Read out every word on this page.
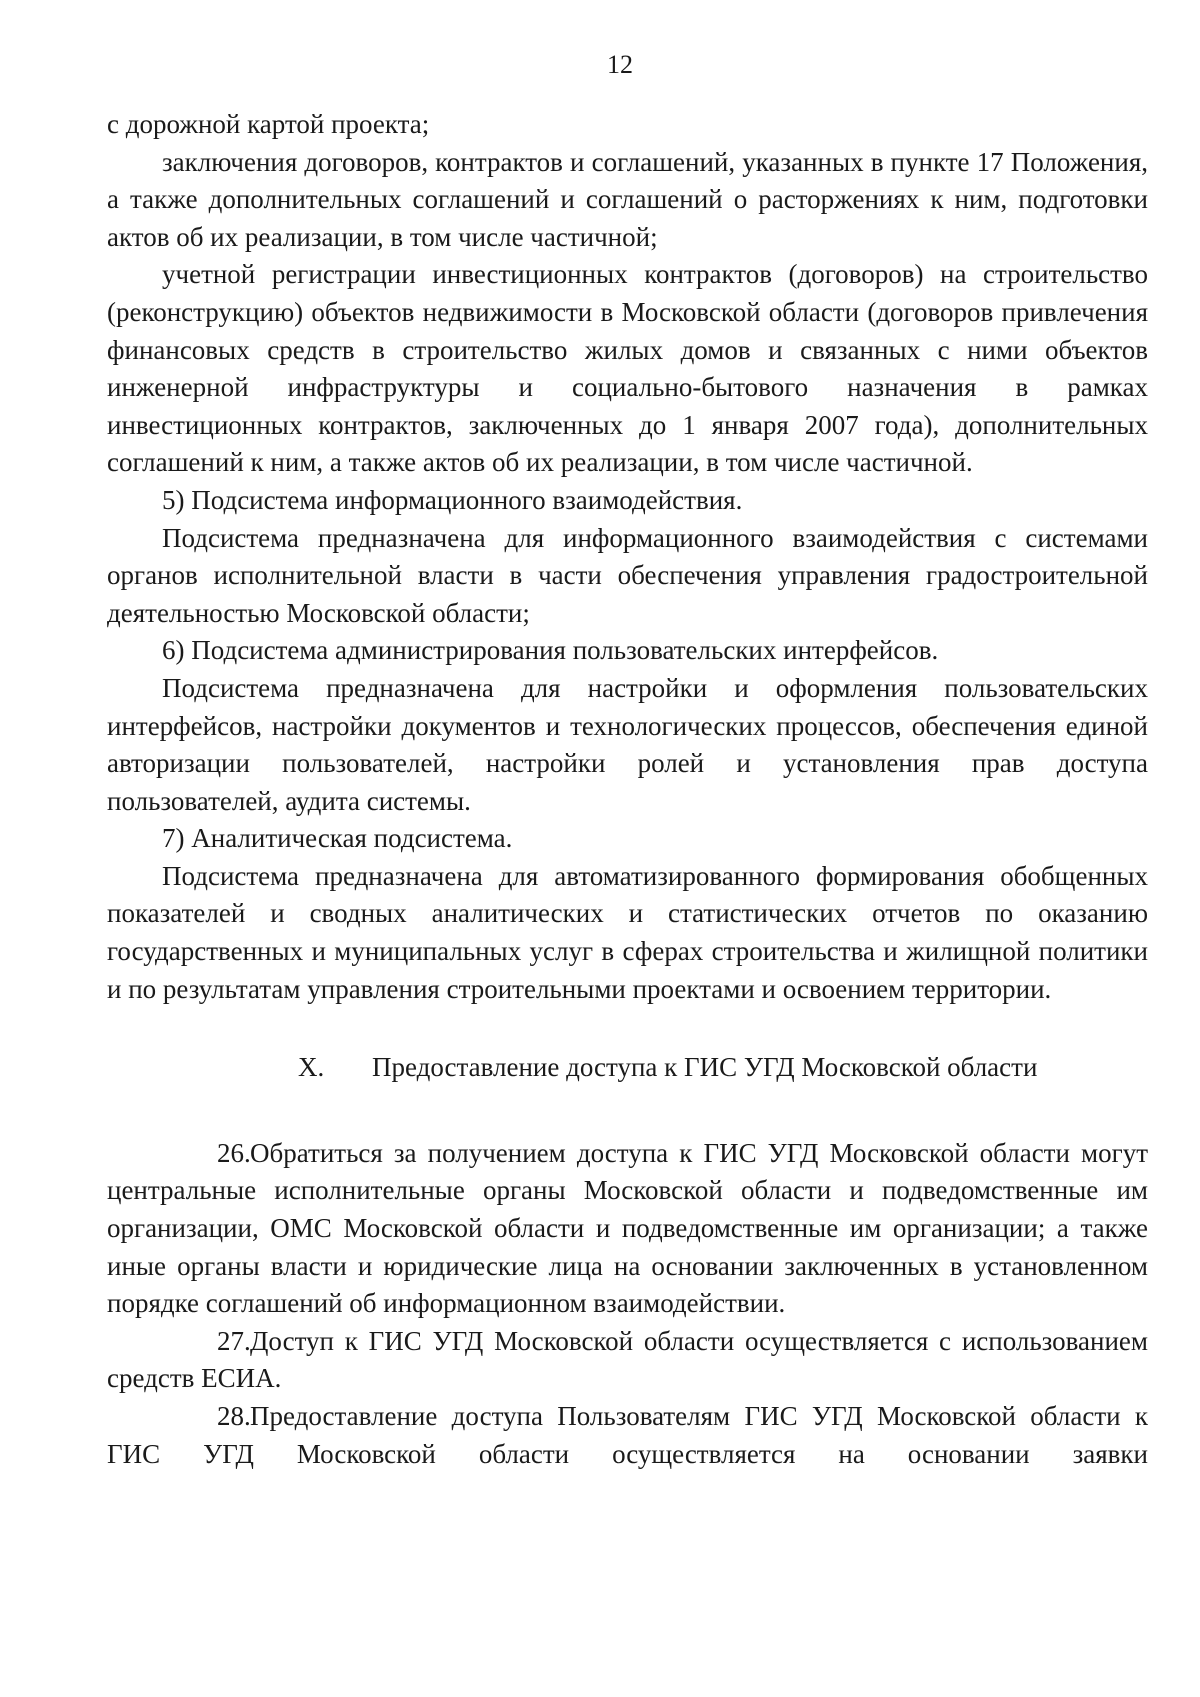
12

с дорожной картой проекта;

заключения договоров, контрактов и соглашений, указанных в пункте 17 Положения, а также дополнительных соглашений и соглашений о расторжениях к ним, подготовки актов об их реализации, в том числе частичной;

учетной регистрации инвестиционных контрактов (договоров) на строительство (реконструкцию) объектов недвижимости в Московской области (договоров привлечения финансовых средств в строительство жилых домов и связанных с ними объектов инженерной инфраструктуры и социально-бытового назначения в рамках инвестиционных контрактов, заключенных до 1 января 2007 года), дополнительных соглашений к ним, а также актов об их реализации, в том числе частичной.

5) Подсистема информационного взаимодействия.

Подсистема предназначена для информационного взаимодействия с системами органов исполнительной власти в части обеспечения управления градостроительной деятельностью Московской области;

6) Подсистема администрирования пользовательских интерфейсов.

Подсистема предназначена для настройки и оформления пользовательских интерфейсов, настройки документов и технологических процессов, обеспечения единой авторизации пользователей, настройки ролей и установления прав доступа пользователей, аудита системы.

7) Аналитическая подсистема.

Подсистема предназначена для автоматизированного формирования обобщенных показателей и сводных аналитических и статистических отчетов по оказанию государственных и муниципальных услуг в сферах строительства и жилищной политики и по результатам управления строительными проектами и освоением территории.

X. Предоставление доступа к ГИС УГД Московской области

26.Обратиться за получением доступа к ГИС УГД Московской области могут центральные исполнительные органы Московской области и подведомственные им организации, ОМС Московской области и подведомственные им организации; а также иные органы власти и юридические лица на основании заключенных в установленном порядке соглашений об информационном взаимодействии.

27.Доступ к ГИС УГД Московской области осуществляется с использованием средств ЕСИА.

28.Предоставление доступа Пользователям ГИС УГД Московской области к ГИС УГД Московской области осуществляется на основании заявки
